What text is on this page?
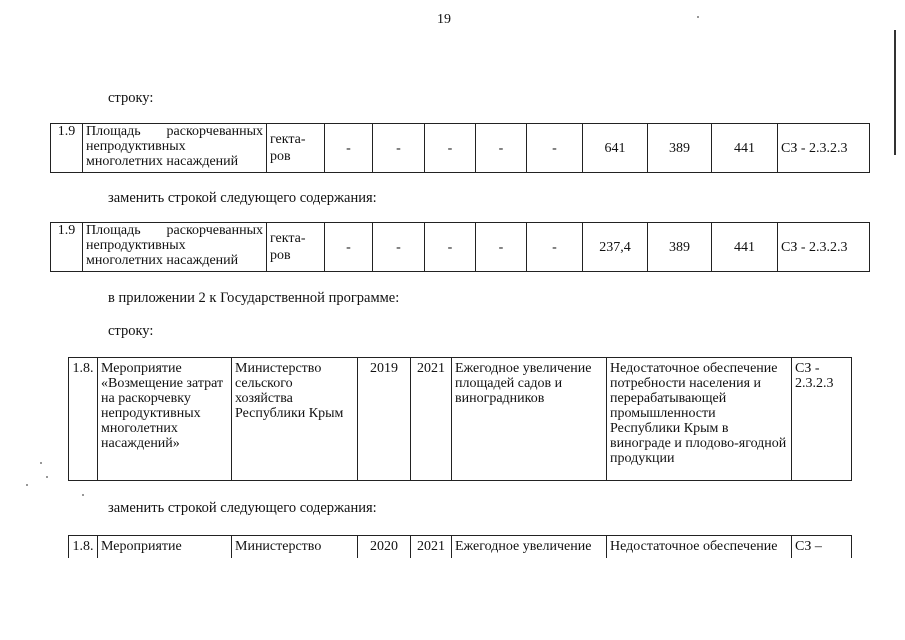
19
строку:
1.9	Площадь раскорчеванных непродуктивных многолетних насаждений	гекта-ров	-	-	-	-	-	641	389	441	СЗ - 2.3.2.3
заменить строкой следующего содержания:
1.9	Площадь раскорчеванных непродуктивных многолетних насаждений	гекта-ров	-	-	-	-	-	237,4	389	441	СЗ - 2.3.2.3
в приложении 2 к Государственной программе:
строку:
1.8.	Мероприятие «Возмещение затрат на раскорчевку непродуктивных многолетних насаждений»	Министерство сельского хозяйства Республики Крым	2019	2021	Ежегодное увеличение площадей садов и виноградников	Недостаточное обеспечение потребности населения и перерабатывающей промышленности Республики Крым в винограде и плодово-ягодной продукции	СЗ - 2.3.2.3
заменить строкой следующего содержания:
1.8.	Мероприятие	Министерство	2020	2021	Ежегодное увеличение	Недостаточное обеспечение	СЗ –
